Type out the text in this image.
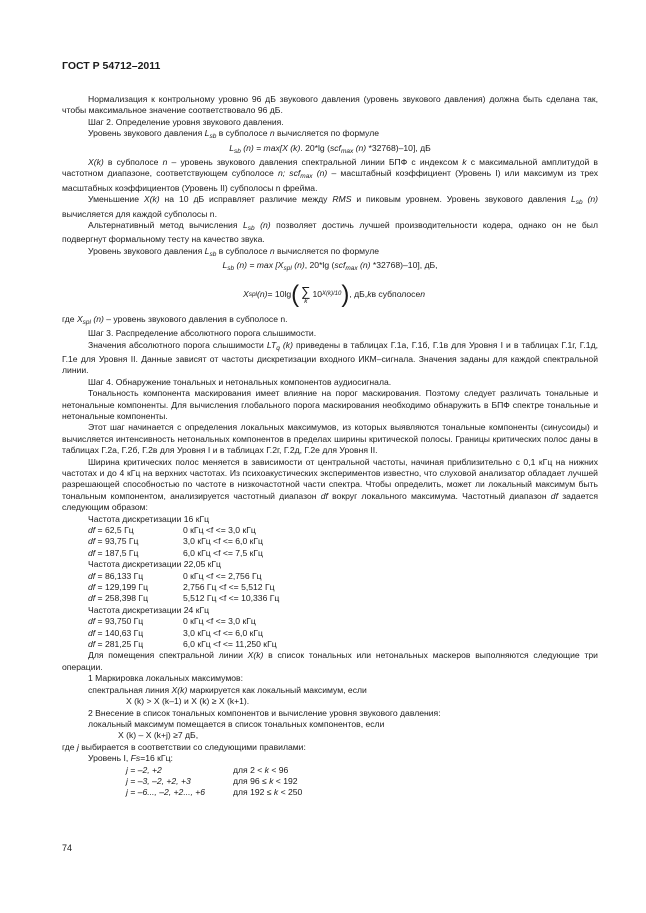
ГОСТ Р 54712–2011

Нормализация к контрольному уровню 96 дБ звукового давления (уровень звукового давления) должна быть сделана так, чтобы максимальное значение соответствовало 96 дБ.

Шаг 2. Определение уровня звукового давления.

Уровень звукового давления $L_{sb}$ в субполосе n вычисляется по формуле

$L_{sb}$ (n) = max[X (k). 20*lg (scf$_{max}$ (n) *32768)–10], дБ

X(k) в субполосе n – уровень звукового давления спектральной линии БПФ с индексом k с максимальной амплитудой в частотном диапазоне, соответствующем субполосе n; scf$_{max}$ (n) – масштабный коэффициент (Уровень I) или максимум из трех масштабных коэффициентов (Уровень II) субполосы n фрейма.

Уменьшение X(k) на 10 дБ исправляет различие между RMS и пиковым уровнем. Уровень звукового давления $L_{sb}$ (n) вычисляется для каждой субполосы n.

Альтернативный метод вычисления $L_{sb}$ (n) позволяет достичь лучшей производительности кодера, однако он не был подвергнут формальному тесту на качество звука.

Уровень звукового давления $L_{sb}$ в субполосе n вычисляется по формуле

$L_{sb}$ $(n) = \max [X_{spl}$ (n), 20*lg (scf$_{max}$ (n) *32768)–10], дБ,

X spl (n) = 10lg ( ∑
k
10 X(k)/10 ) , дБ, k в субполосе n

где $X_{spl}$ (n) – уровень звукового давления в субполосе n.

Шаг 3. Распределение абсолютного порога слышимости.

Значения абсолютного порога слышимости $LT_q$ (k) приведены в таблицах Г.1а, Г.1б, Г.1в для Уровня I и в таблицах Г.1г, Г.1д, Г.1е для Уровня II. Данные зависят от частоты дискретизации входного ИКМ–сигнала. Значения заданы для каждой спектральной линии.

Шаг 4. Обнаружение тональных и нетональных компонентов аудиосигнала.

Тональность компонента маскирования имеет влияние на порог маскирования. Поэтому следует различать тональные и нетональные компоненты. Для вычисления глобального порога маскирования необходимо обнаружить в БПФ спектре тональные и нетональные компоненты.

Этот шаг начинается с определения локальных максимумов, из которых выявляются тональные компоненты (синусоиды) и вычисляется интенсивность нетональных компонентов в пределах ширины критической полосы. Границы критических полос даны в таблицах Г.2а, Г.2б, Г.2в для Уровня I и в таблицах Г.2г, Г.2д, Г.2е для Уровня II.

Ширина критических полос меняется в зависимости от центральной частоты, начиная приблизительно с 0,1 кГц на нижних частотах и до 4 кГц на верхних частотах. Из психоакустических экспериментов известно, что слуховой анализатор обладает лучшей разрешающей способностью по частоте в низкочастотной части спектра. Чтобы определить, может ли локальный максимум быть тональным компонентом, анализируется частотный диапазон df вокруг локального максимума. Частотный диапазон df задается следующим образом:

Частота дискретизации 16 кГц

df = 62,5 Гц	0 кГц <f <= 3,0 кГц
df = 93,75 Гц	3,0 кГц <f <= 6,0 кГц
df = 187,5 Гц	6,0 кГц <f <= 7,5 кГц

Частота дискретизации 22,05 кГц

df = 86,133 Гц	0 кГц <f <= 2,756 Гц
df = 129,199 Гц	2,756 Гц <f <= 5,512 Гц
df = 258,398 Гц	5,512 Гц <f <= 10,336 Гц

Частота дискретизации 24 кГц

df = 93,750 Гц	0 кГц <f <= 3,0 кГц
df = 140,63 Гц	3,0 кГц <f <= 6,0 кГц
df = 281,25 Гц	6,0 кГц <f <= 11,250 кГц

Для помещения спектральной линии X(k) в список тональных или нетональных маскеров выполняются следующие три операции.

1 Маркировка локальных максимумов:

спектральная линия X(k) маркируется как локальный максимум, если

X (k) > X (k–1) и X (k) ≥ X (k+1).

2 Внесение в список тональных компонентов и вычисление уровня звукового давления:

локальный максимум помещается в список тональных компонентов, если

X (k) – X (k+j) ≥7 дБ,

где j выбирается в соответствии со следующими правилами:

Уровень I, Fs=16 кГц:

j = –2, +2	для 2 < k < 96
j = –3, –2, +2, +3	для 96 ≤ k < 192
j = –6..., –2, +2..., +6	для 192 ≤ k < 250
74
